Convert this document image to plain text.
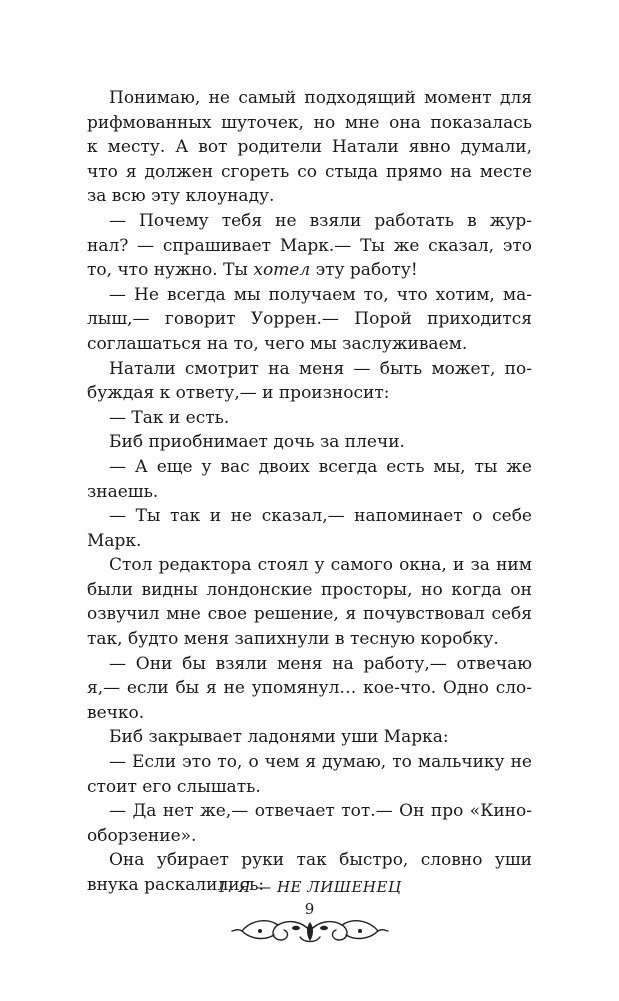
Понимаю, не самый подходящий момент для
рифмованных шуточек, но мне она показалась
к месту. А вот родители Натали явно думали,
что я должен сгореть со стыда прямо на месте
за всю эту клоунаду.
— Почему тебя не взяли работать в жур-
нал? — спрашивает Марк.— Ты же сказал, это
то, что нужно. Ты хотел эту работу!
— Не всегда мы получаем то, что хотим, ма-
лыш,— говорит Уоррен.— Порой приходится
соглашаться на то, чего мы заслуживаем.
Натали смотрит на меня — быть может, по-
буждая к ответу,— и произносит:
— Так и есть.
Биб приобнимает дочь за плечи.
— А еще у вас двоих всегда есть мы, ты же
знаешь.
— Ты так и не сказал,— напоминает о себе
Марк.
Стол редактора стоял у самого окна, и за ним
были видны лондонские просторы, но когда он
озвучил мне свое решение, я почувствовал себя
так, будто меня запихнули в тесную коробку.
— Они бы взяли меня на работу,— отвечаю
я,— если бы я не упомянул… кое-что. Одно сло-
вечко.
Биб закрывает ладонями уши Марка:
— Если это то, о чем я думаю, то мальчику не
стоит его слышать.
— Да нет же,— отвечает тот.— Он про «Кино-
оборзение».
Она убирает руки так быстро, словно уши
внука раскалились:
1: Я — НЕ ЛИШЕНЕЦ
9
